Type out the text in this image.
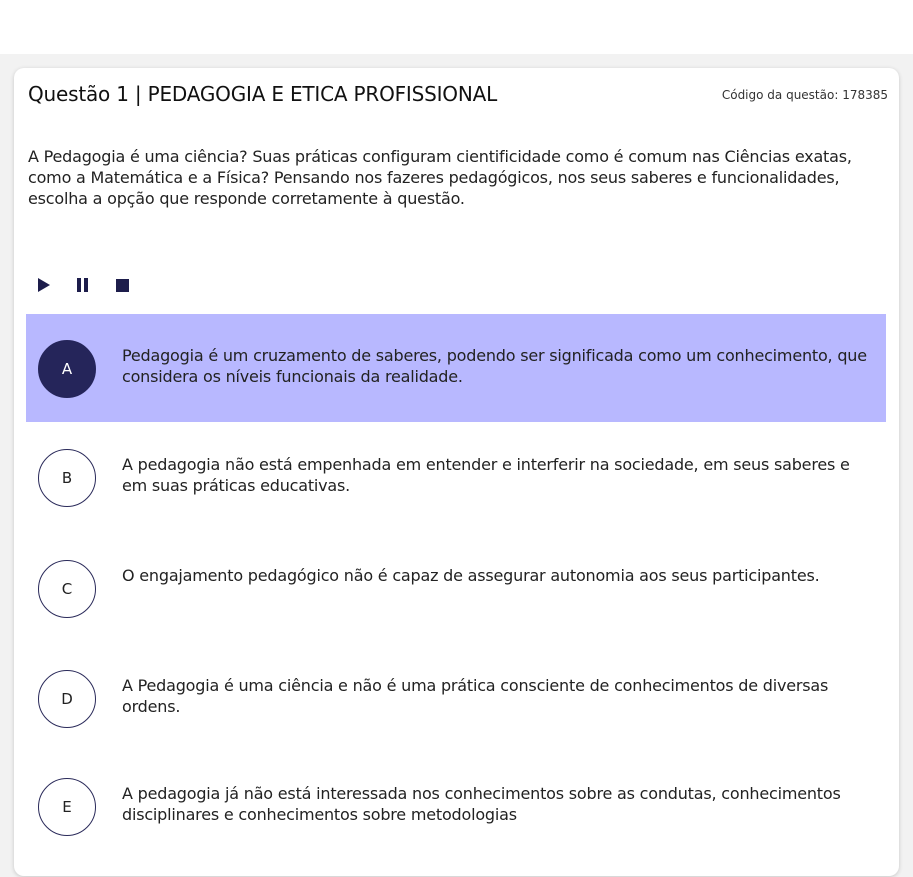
Questão 1 | PEDAGOGIA E ETICA PROFISSIONAL	Código da questão: 178385
A Pedagogia é uma ciência? Suas práticas configuram cientificidade como é comum nas Ciências exatas, como a Matemática e a Física? Pensando nos fazeres pedagógicos, nos seus saberes e funcionalidades, escolha a opção que responde corretamente à questão.
A
Pedagogia é um cruzamento de saberes, podendo ser significada como um conhecimento, que considera os níveis funcionais da realidade.
B
A pedagogia não está empenhada em entender e interferir na sociedade, em seus saberes e em suas práticas educativas.
C
O engajamento pedagógico não é capaz de assegurar autonomia aos seus participantes.
D
A Pedagogia é uma ciência e não é uma prática consciente de conhecimentos de diversas ordens.
E
A pedagogia já não está interessada nos conhecimentos sobre as condutas, conhecimentos disciplinares e conhecimentos sobre metodologias
